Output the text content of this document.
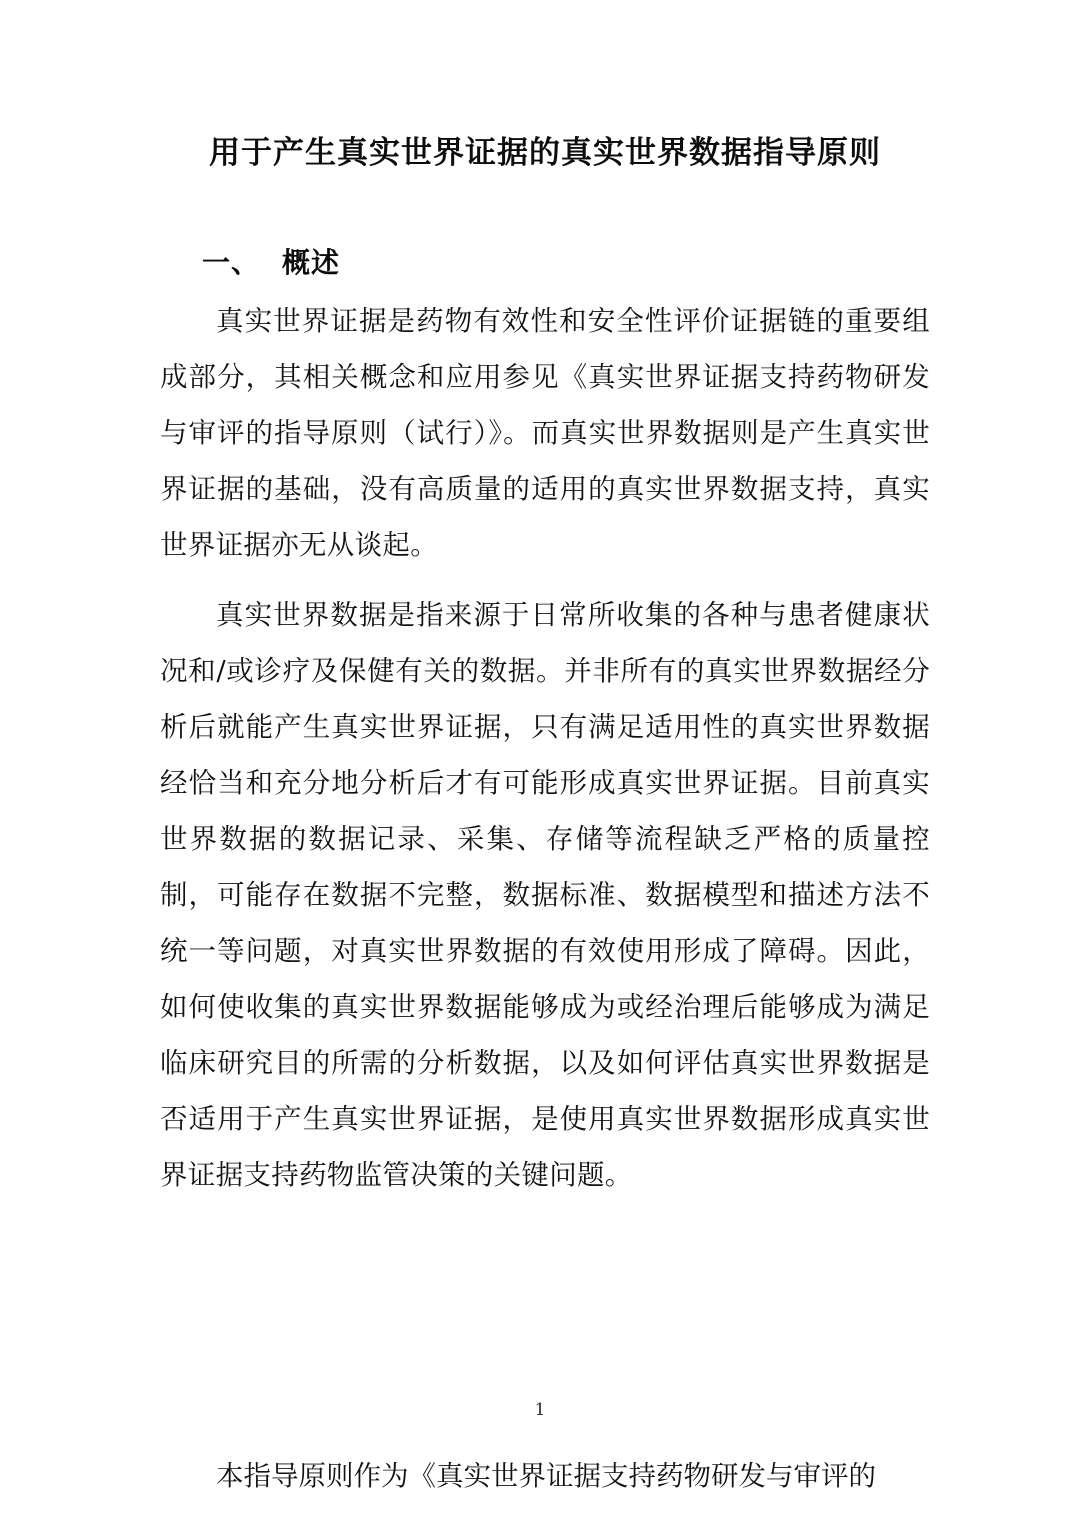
用于产生真实世界证据的真实世界数据指导原则
一、 概述

真实世界证据是药物有效性和安全性评价证据链的重要组成部分，其相关概念和应用参见《真实世界证据支持药物研发与审评的指导原则（试行）》。而真实世界数据则是产生真实世界证据的基础，没有高质量的适用的真实世界数据支持，真实世界证据亦无从谈起。

真实世界数据是指来源于日常所收集的各种与患者健康状况和/或诊疗及保健有关的数据。并非所有的真实世界数据经分析后就能产生真实世界证据，只有满足适用性的真实世界数据经恰当和充分地分析后才有可能形成真实世界证据。目前真实世界数据的数据记录、采集、存储等流程缺乏严格的质量控制，可能存在数据不完整，数据标准、数据模型和描述方法不统一等问题，对真实世界数据的有效使用形成了障碍。因此，如何使收集的真实世界数据能够成为或经治理后能够成为满足临床研究目的所需的分析数据，以及如何评估真实世界数据是否适用于产生真实世界证据，是使用真实世界数据形成真实世界证据支持药物监管决策的关键问题。

1
本指导原则作为《真实世界证据支持药物研发与审评的
